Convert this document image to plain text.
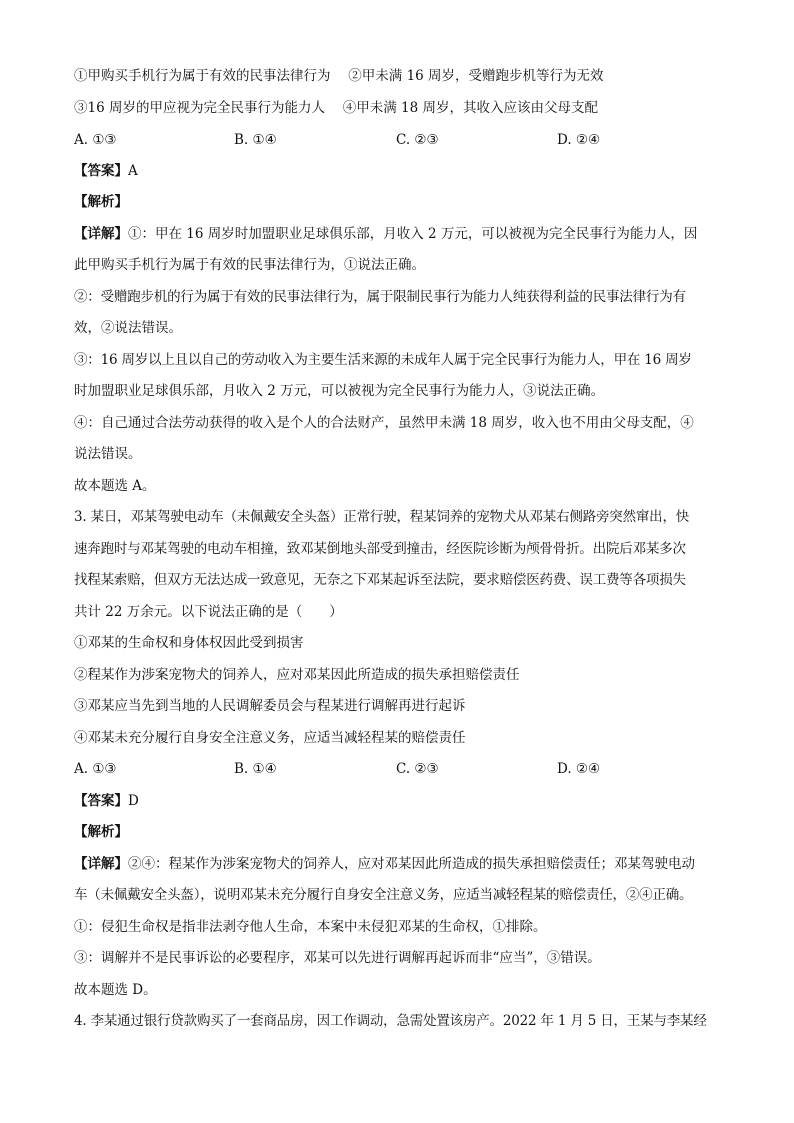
①甲购买手机行为属于有效的民事法律行为　 ②甲未满 16 周岁，受赠跑步机等行为无效
③16 周岁的甲应视为完全民事行为能力人　 ④甲未满 18 周岁，其收入应该由父母支配
A. ①③	B. ①④	C. ②③	D. ②④
【答案】A
【解析】
【详解】①：甲在 16 周岁时加盟职业足球俱乐部，月收入 2 万元，可以被视为完全民事行为能力人，因
此甲购买手机行为属于有效的民事法律行为，①说法正确。
②：受赠跑步机的行为属于有效的民事法律行为，属于限制民事行为能力人纯获得利益的民事法律行为有
效，②说法错误。
③：16 周岁以上且以自己的劳动收入为主要生活来源的未成年人属于完全民事行为能力人，甲在 16 周岁
时加盟职业足球俱乐部，月收入 2 万元，可以被视为完全民事行为能力人，③说法正确。
④：自己通过合法劳动获得的收入是个人的合法财产，虽然甲未满 18 周岁，收入也不用由父母支配，④
说法错误。
故本题选 A。
3. 某日，邓某驾驶电动车（未佩戴安全头盔）正常行驶，程某饲养的宠物犬从邓某右侧路旁突然窜出，快
速奔跑时与邓某驾驶的电动车相撞，致邓某倒地头部受到撞击，经医院诊断为颅骨骨折。出院后邓某多次
找程某索赔，但双方无法达成一致意见，无奈之下邓某起诉至法院，要求赔偿医药费、误工费等各项损失
共计 22 万余元。以下说法正确的是（　　）
①邓某的生命权和身体权因此受到损害
②程某作为涉案宠物犬的饲养人，应对邓某因此所造成的损失承担赔偿责任
③邓某应当先到当地的人民调解委员会与程某进行调解再进行起诉
④邓某未充分履行自身安全注意义务，应适当减轻程某的赔偿责任
A. ①③	B. ①④	C. ②③	D. ②④
【答案】D
【解析】
【详解】②④：程某作为涉案宠物犬的饲养人，应对邓某因此所造成的损失承担赔偿责任；邓某驾驶电动
车（未佩戴安全头盔），说明邓某未充分履行自身安全注意义务，应适当减轻程某的赔偿责任，②④正确。
①：侵犯生命权是指非法剥夺他人生命，本案中未侵犯邓某的生命权，①排除。
③：调解并不是民事诉讼的必要程序，邓某可以先进行调解再起诉而非“应当”，③错误。
故本题选 D。
4. 李某通过银行贷款购买了一套商品房，因工作调动，急需处置该房产。2022 年 1 月 5 日，王某与李某经
